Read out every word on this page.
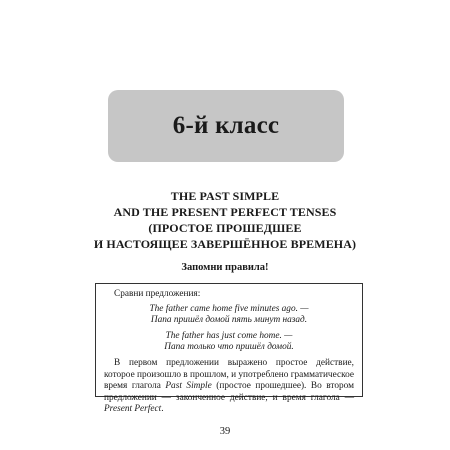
6-й класс
THE PAST SIMPLE
AND THE PRESENT PERFECT TENSES
(ПРОСТОЕ ПРОШЕДШЕЕ
И НАСТОЯЩЕЕ ЗАВЕРШЁННОЕ ВРЕМЕНА)
Запомни правила!

Сравни предложения:

The father came home five minutes ago. —

Папа пришёл домой пять минут назад.

The father has just come home. —

Папа только что пришёл домой.

В первом предложении выражено простое действие, которое произошло в прошлом, и употреблено грамматическое время глагола Past Simple (простое прошедшее). Во втором предложении — законченное действие, и время глагола — Present Perfect.

39
